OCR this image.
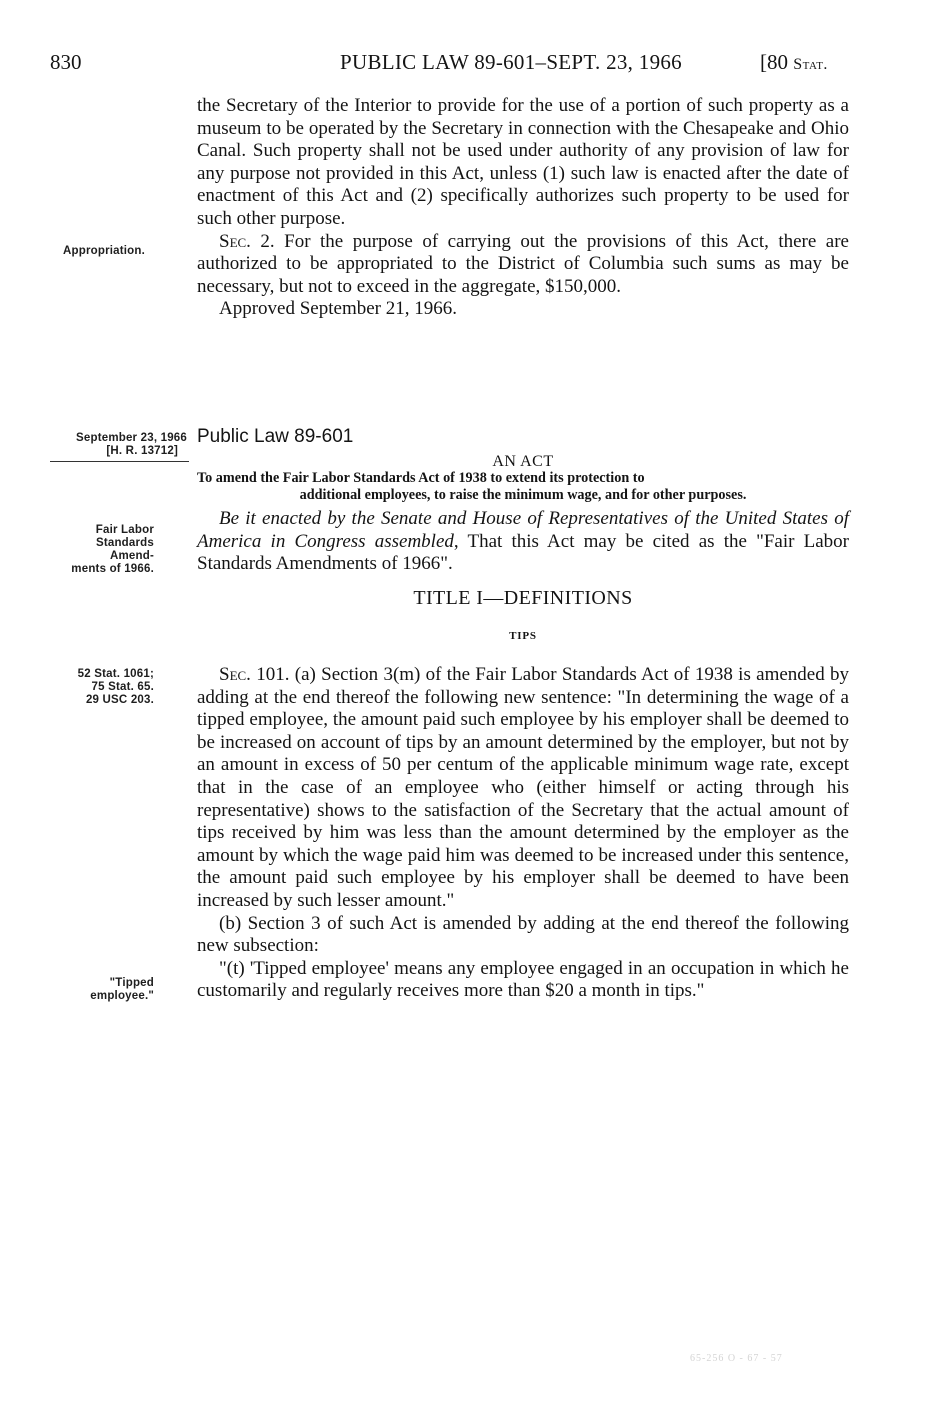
830	PUBLIC LAW 89-601–SEPT. 23, 1966	[80 Stat.

the Secretary of the Interior to provide for the use of a portion of such property as a museum to be operated by the Secretary in connection with the Chesapeake and Ohio Canal. Such property shall not be used under authority of any provision of law for any purpose not provided in this Act, unless (1) such law is enacted after the date of enactment of this Act and (2) specifically authorizes such property to be used for such other purpose.

Sec. 2. For the purpose of carrying out the provisions of this Act, there are authorized to be appropriated to the District of Columbia such sums as may be necessary, but not to exceed in the aggregate, $150,000.

Approved September 21, 1966.

Appropriation.
Public Law 89-601
September 23, 1966
[H. R. 13712]
AN ACT
To amend the Fair Labor Standards Act of 1938 to extend its protection to
additional employees, to raise the minimum wage, and for other purposes.

Be it enacted by the Senate and House of Representatives of the United States of America in Congress assembled, That this Act may be cited as the "Fair Labor Standards Amendments of 1966".

Fair Labor
Standards Amend-
ments of 1966.
TITLE I—DEFINITIONS
TIPS

Sec. 101. (a) Section 3(m) of the Fair Labor Standards Act of 1938 is amended by adding at the end thereof the following new sentence: "In determining the wage of a tipped employee, the amount paid such employee by his employer shall be deemed to be increased on account of tips by an amount determined by the employer, but not by an amount in excess of 50 per centum of the applicable minimum wage rate, except that in the case of an employee who (either himself or acting through his representative) shows to the satisfaction of the Secretary that the actual amount of tips received by him was less than the amount determined by the employer as the amount by which the wage paid him was deemed to be increased under this sentence, the amount paid such employee by his employer shall be deemed to have been increased by such lesser amount."

(b) Section 3 of such Act is amended by adding at the end thereof the following new subsection:

"(t) 'Tipped employee' means any employee engaged in an occupation in which he customarily and regularly receives more than $20 a month in tips."

52 Stat. 1061;
75 Stat. 65.
29 USC 203.
"Tipped
employee."
65-256 O - 67 - 57
